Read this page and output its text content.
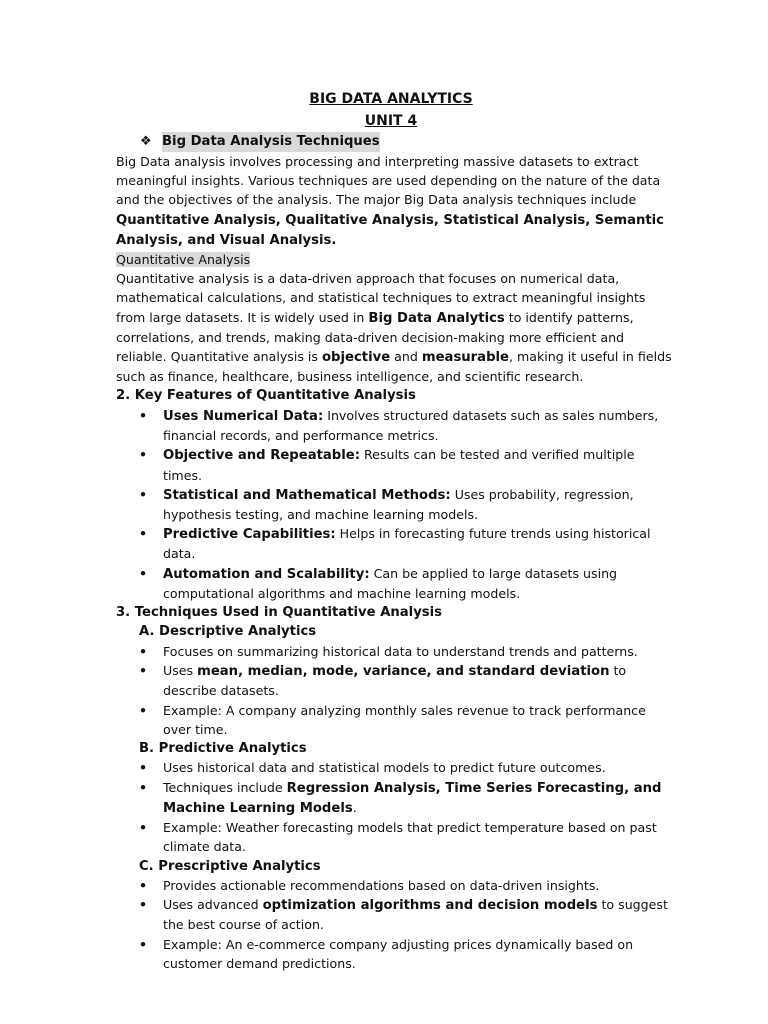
BIG DATA ANALYTICS
UNIT 4
❖ Big Data Analysis Techniques

Big Data analysis involves processing and interpreting massive datasets to extract meaningful insights. Various techniques are used depending on the nature of the data and the objectives of the analysis. The major Big Data analysis techniques include Quantitative Analysis, Qualitative Analysis, Statistical Analysis, Semantic Analysis, and Visual Analysis.

Quantitative Analysis

Quantitative analysis is a data-driven approach that focuses on numerical data, mathematical calculations, and statistical techniques to extract meaningful insights from large datasets. It is widely used in Big Data Analytics to identify patterns, correlations, and trends, making data-driven decision-making more efficient and reliable. Quantitative analysis is objective and measurable, making it useful in fields such as finance, healthcare, business intelligence, and scientific research.

2. Key Features of Quantitative Analysis
• Uses Numerical Data: Involves structured datasets such as sales numbers, financial records, and performance metrics.
• Objective and Repeatable: Results can be tested and verified multiple times.
• Statistical and Mathematical Methods: Uses probability, regression, hypothesis testing, and machine learning models.
• Predictive Capabilities: Helps in forecasting future trends using historical data.
• Automation and Scalability: Can be applied to large datasets using computational algorithms and machine learning models.
3. Techniques Used in Quantitative Analysis
A. Descriptive Analytics
• Focuses on summarizing historical data to understand trends and patterns.
• Uses mean, median, mode, variance, and standard deviation to describe datasets.
• Example: A company analyzing monthly sales revenue to track performance over time.
B. Predictive Analytics
• Uses historical data and statistical models to predict future outcomes.
• Techniques include Regression Analysis, Time Series Forecasting, and Machine Learning Models.
• Example: Weather forecasting models that predict temperature based on past climate data.
C. Prescriptive Analytics
• Provides actionable recommendations based on data-driven insights.
• Uses advanced optimization algorithms and decision models to suggest the best course of action.
• Example: An e-commerce company adjusting prices dynamically based on customer demand predictions.
